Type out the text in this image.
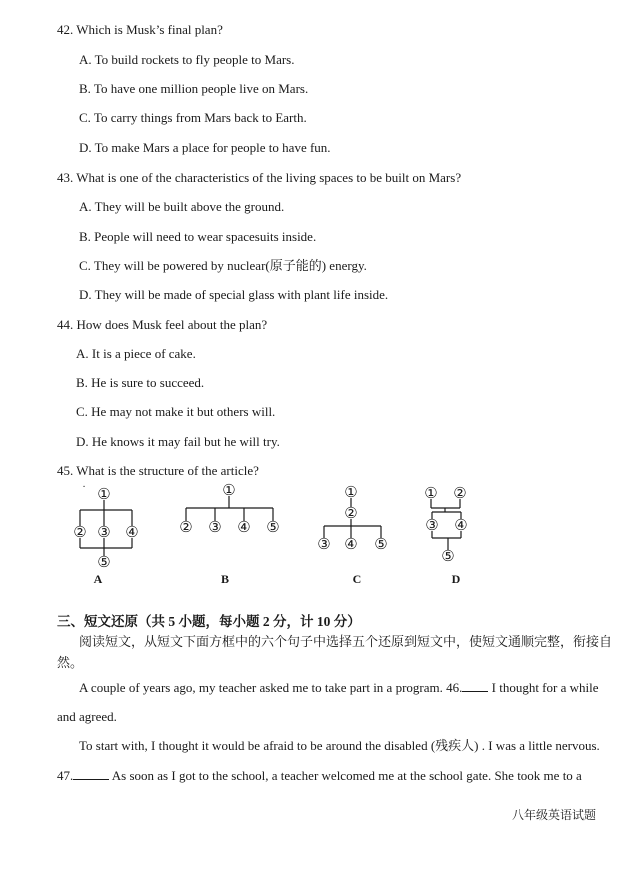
42. Which is Musk’s final plan?
A. To build rockets to fly people to Mars.
B. To have one million people live on Mars.
C. To carry things from Mars back to Earth.
D. To make Mars a place for people to have fun.
43. What is one of the characteristics of the living spaces to be built on Mars?
A. They will be built above the ground.
B. People will need to wear spacesuits inside.
C. They will be powered by nuclear(原子能的) energy.
D. They will be made of special glass with plant life inside.
44. How does Musk feel about the plan?
A. It is a piece of cake.
B. He is sure to succeed.
C. He may not make it but others will.
D. He knows it may fail but he will try.
45. What is the structure of the article?
· ①
② ③ ④
⑤
①
② ③ ④ ⑤
①
②
③ ④ ⑤
① ②
③ ④
⑤
A	B	C	D
三、短文还原（共 5 小题，每小题 2 分，计 10 分）
阅读短文，从短文下面方框中的六个句子中选择五个还原到短文中，使短文通顺完整，衔接自
然。
A couple of years ago, my teacher asked me to take part in a program. 46. I thought for a while
and agreed.
To start with, I thought it would be afraid to be around the disabled (残疾人) . I was a little nervous.
47.	As soon as I got to the school, a teacher welcomed me at the school gate. She took me to a
八年级英语试题
